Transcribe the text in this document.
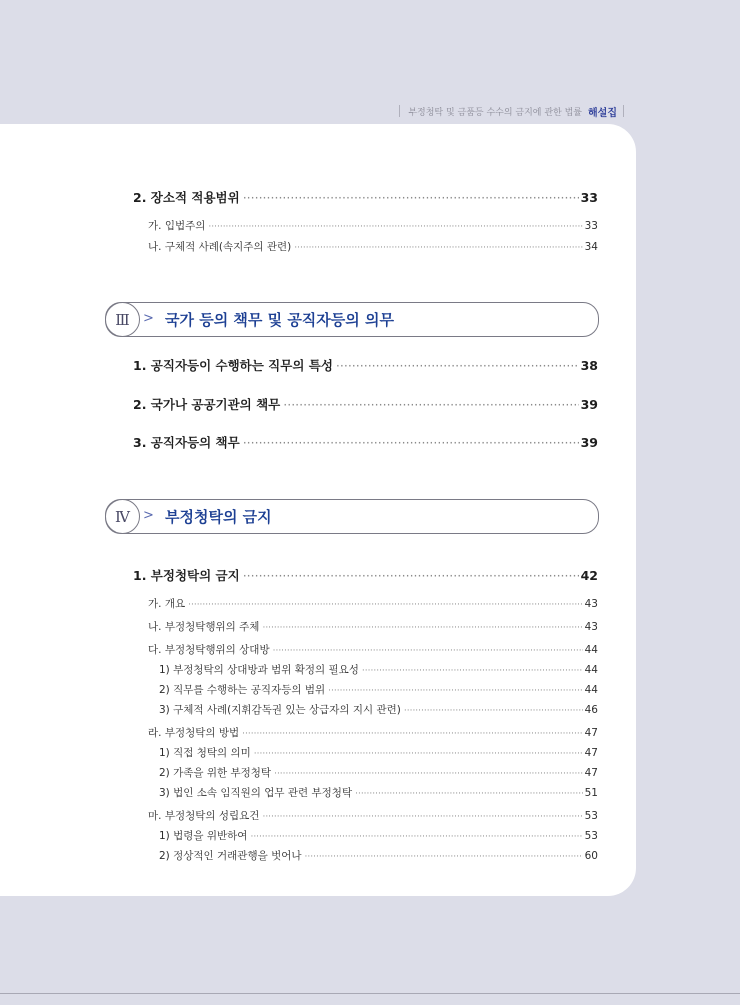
부정청탁 및 금품등 수수의 금지에 관한 법률 해설집
2. 장소적 적용범위 ·····	33
가. 입법주의 ·····	33
나. 구체적 사례(속지주의 관련) ·····	34
Ⅲ	> 국가 등의 책무 및 공직자등의 의무
1. 공직자등이 수행하는 직무의 특성 ·····	38
2. 국가나 공공기관의 책무 ·····	39
3. 공직자등의 책무 ·····	39
Ⅳ	> 부정청탁의 금지
1. 부정청탁의 금지 ·····	42
가. 개요 ·····	43
나. 부정청탁행위의 주체 ·····	43
다. 부정청탁행위의 상대방 ·····	44
1) 부정청탁의 상대방과 범위 확정의 필요성 ·····	44
2) 직무를 수행하는 공직자등의 범위 ·····	44
3) 구체적 사례(지휘감독권 있는 상급자의 지시 관련) ·····	46
라. 부정청탁의 방법 ·····	47
1) 직접 청탁의 의미 ·····	47
2) 가족을 위한 부정청탁 ·····	47
3) 법인 소속 임직원의 업무 관련 부정청탁 ·····	51
마. 부정청탁의 성립요건 ·····	53
1) 법령을 위반하여 ·····	53
2) 정상적인 거래관행을 벗어나 ·····	60
